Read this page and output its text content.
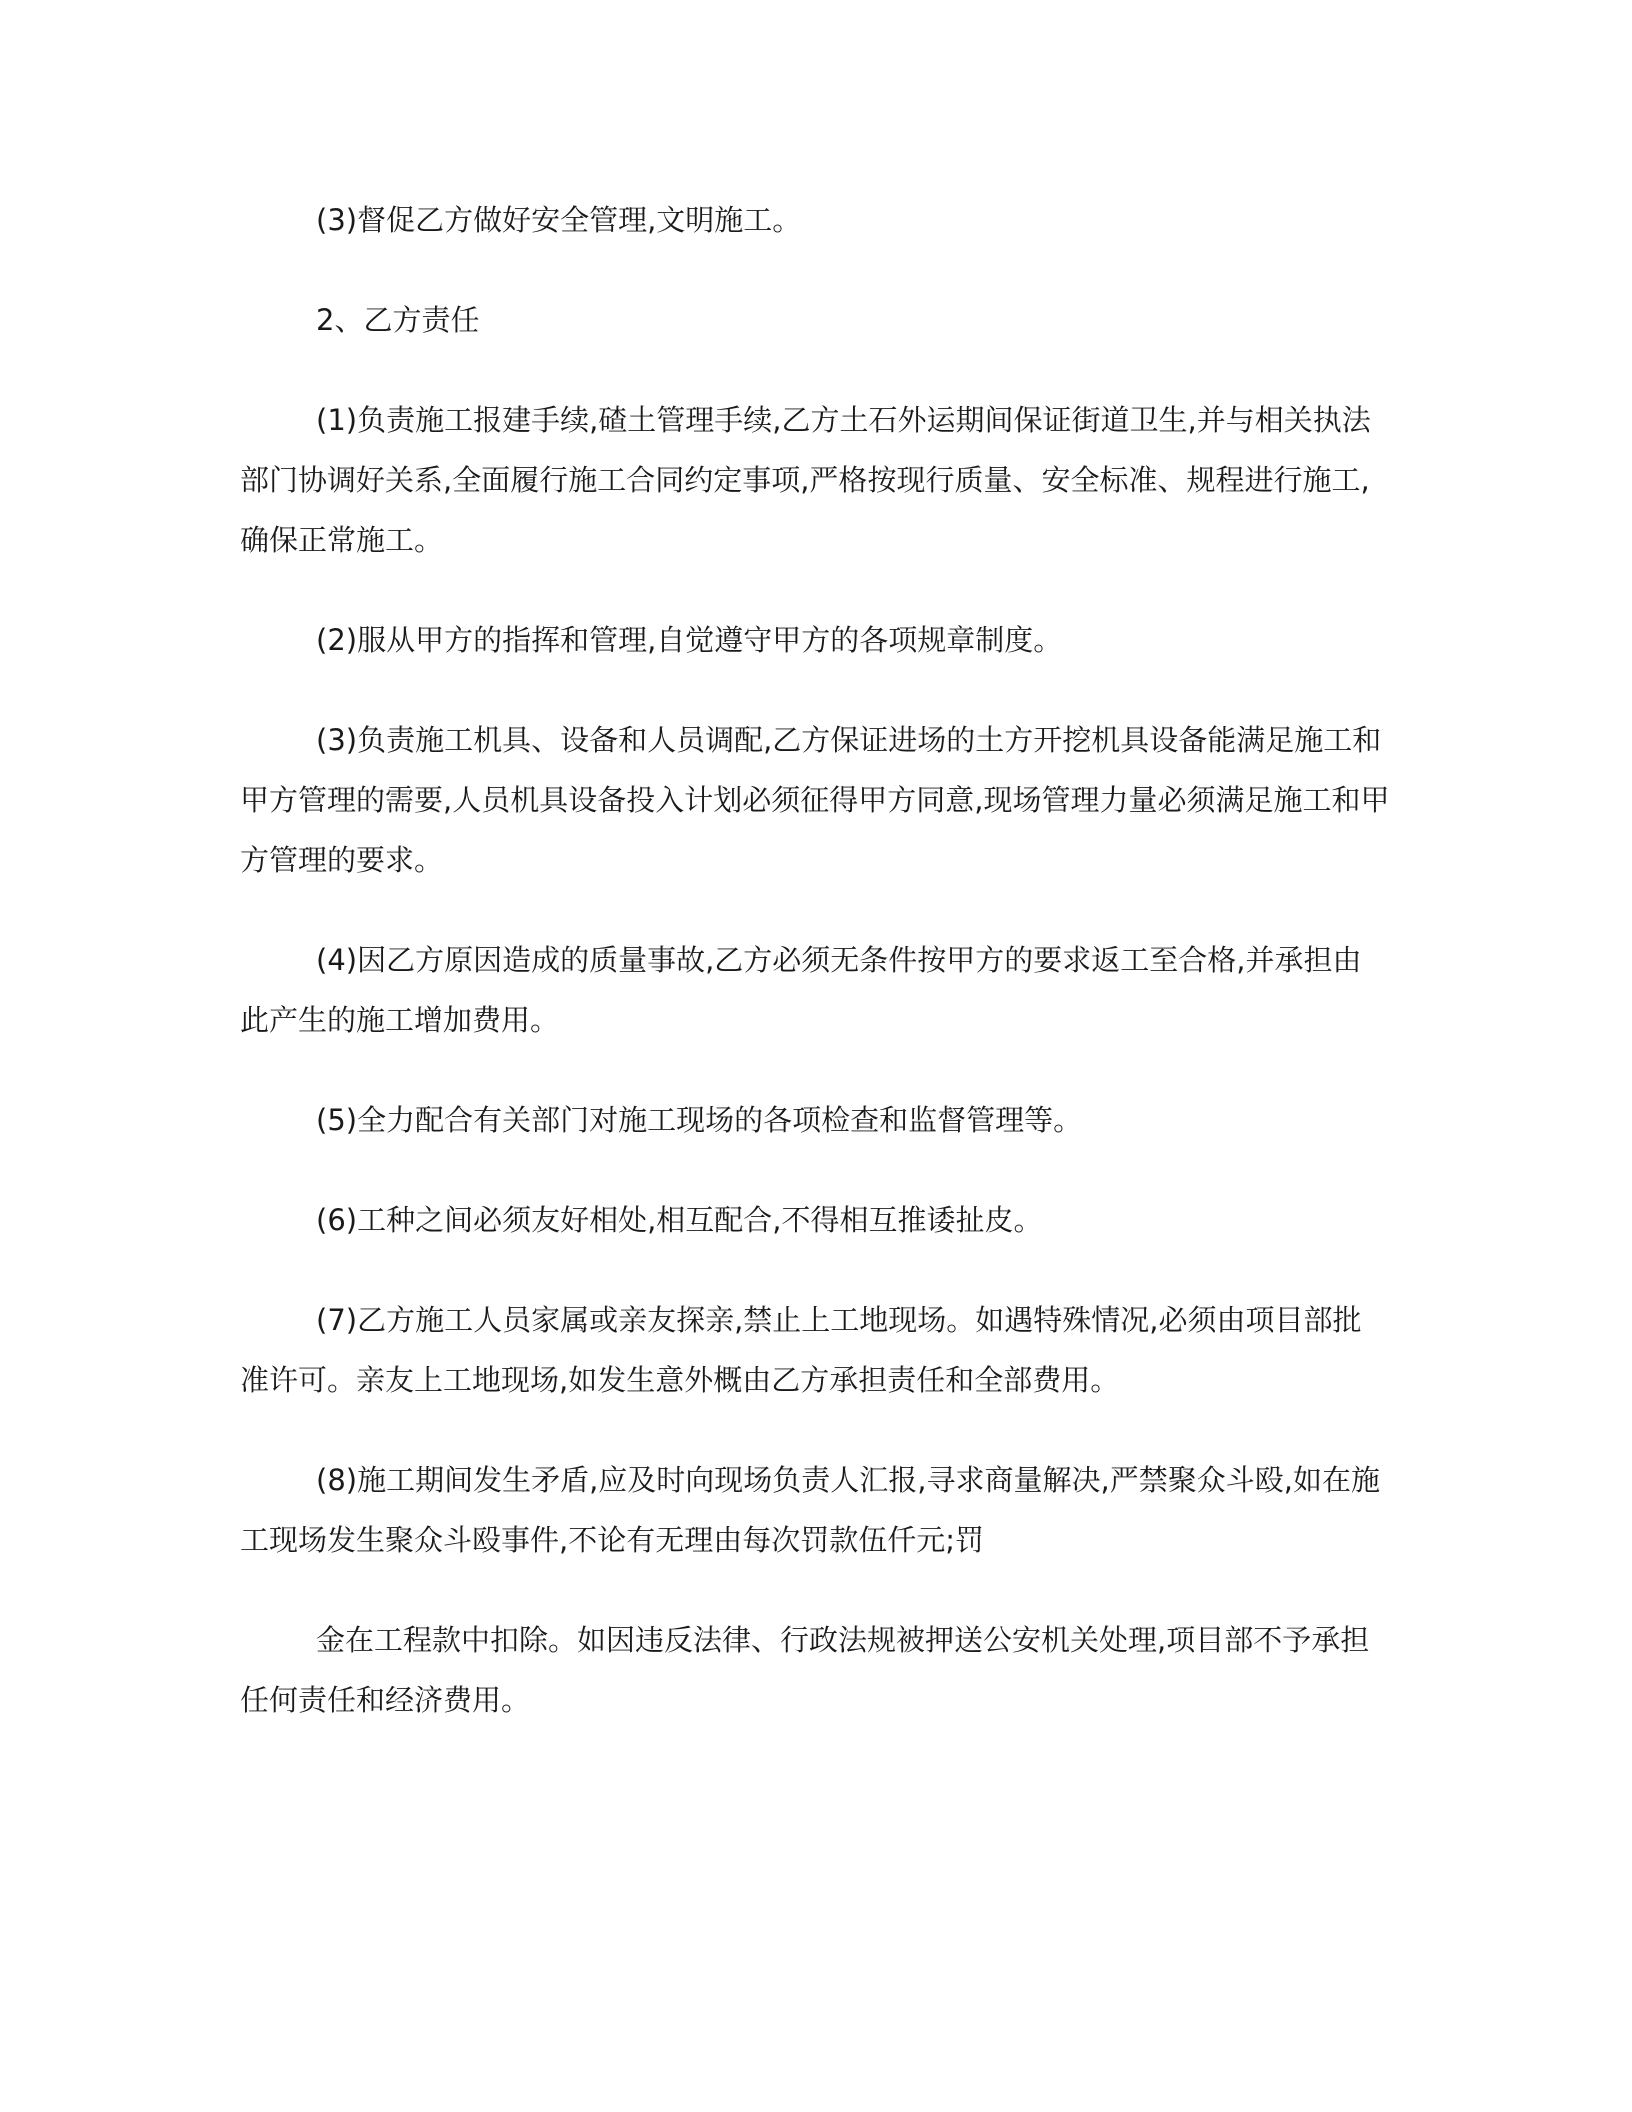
(3)督促乙方做好安全管理,文明施工。

2、乙方责任

(1)负责施工报建手续,碴土管理手续,乙方土石外运期间保证街道卫生,并与相关执法部门协调好关系,全面履行施工合同约定事项,严格按现行质量、安全标准、规程进行施工,确保正常施工。

(2)服从甲方的指挥和管理,自觉遵守甲方的各项规章制度。

(3)负责施工机具、设备和人员调配,乙方保证进场的土方开挖机具设备能满足施工和甲方管理的需要,人员机具设备投入计划必须征得甲方同意,现场管理力量必须满足施工和甲方管理的要求。

(4)因乙方原因造成的质量事故,乙方必须无条件按甲方的要求返工至合格,并承担由此产生的施工增加费用。

(5)全力配合有关部门对施工现场的各项检查和监督管理等。

(6)工种之间必须友好相处,相互配合,不得相互推诿扯皮。

(7)乙方施工人员家属或亲友探亲,禁止上工地现场。如遇特殊情况,必须由项目部批准许可。亲友上工地现场,如发生意外概由乙方承担责任和全部费用。

(8)施工期间发生矛盾,应及时向现场负责人汇报,寻求商量解决,严禁聚众斗殴,如在施工现场发生聚众斗殴事件,不论有无理由每次罚款伍仟元;罚

金在工程款中扣除。如因违反法律、行政法规被押送公安机关处理,项目部不予承担任何责任和经济费用。
